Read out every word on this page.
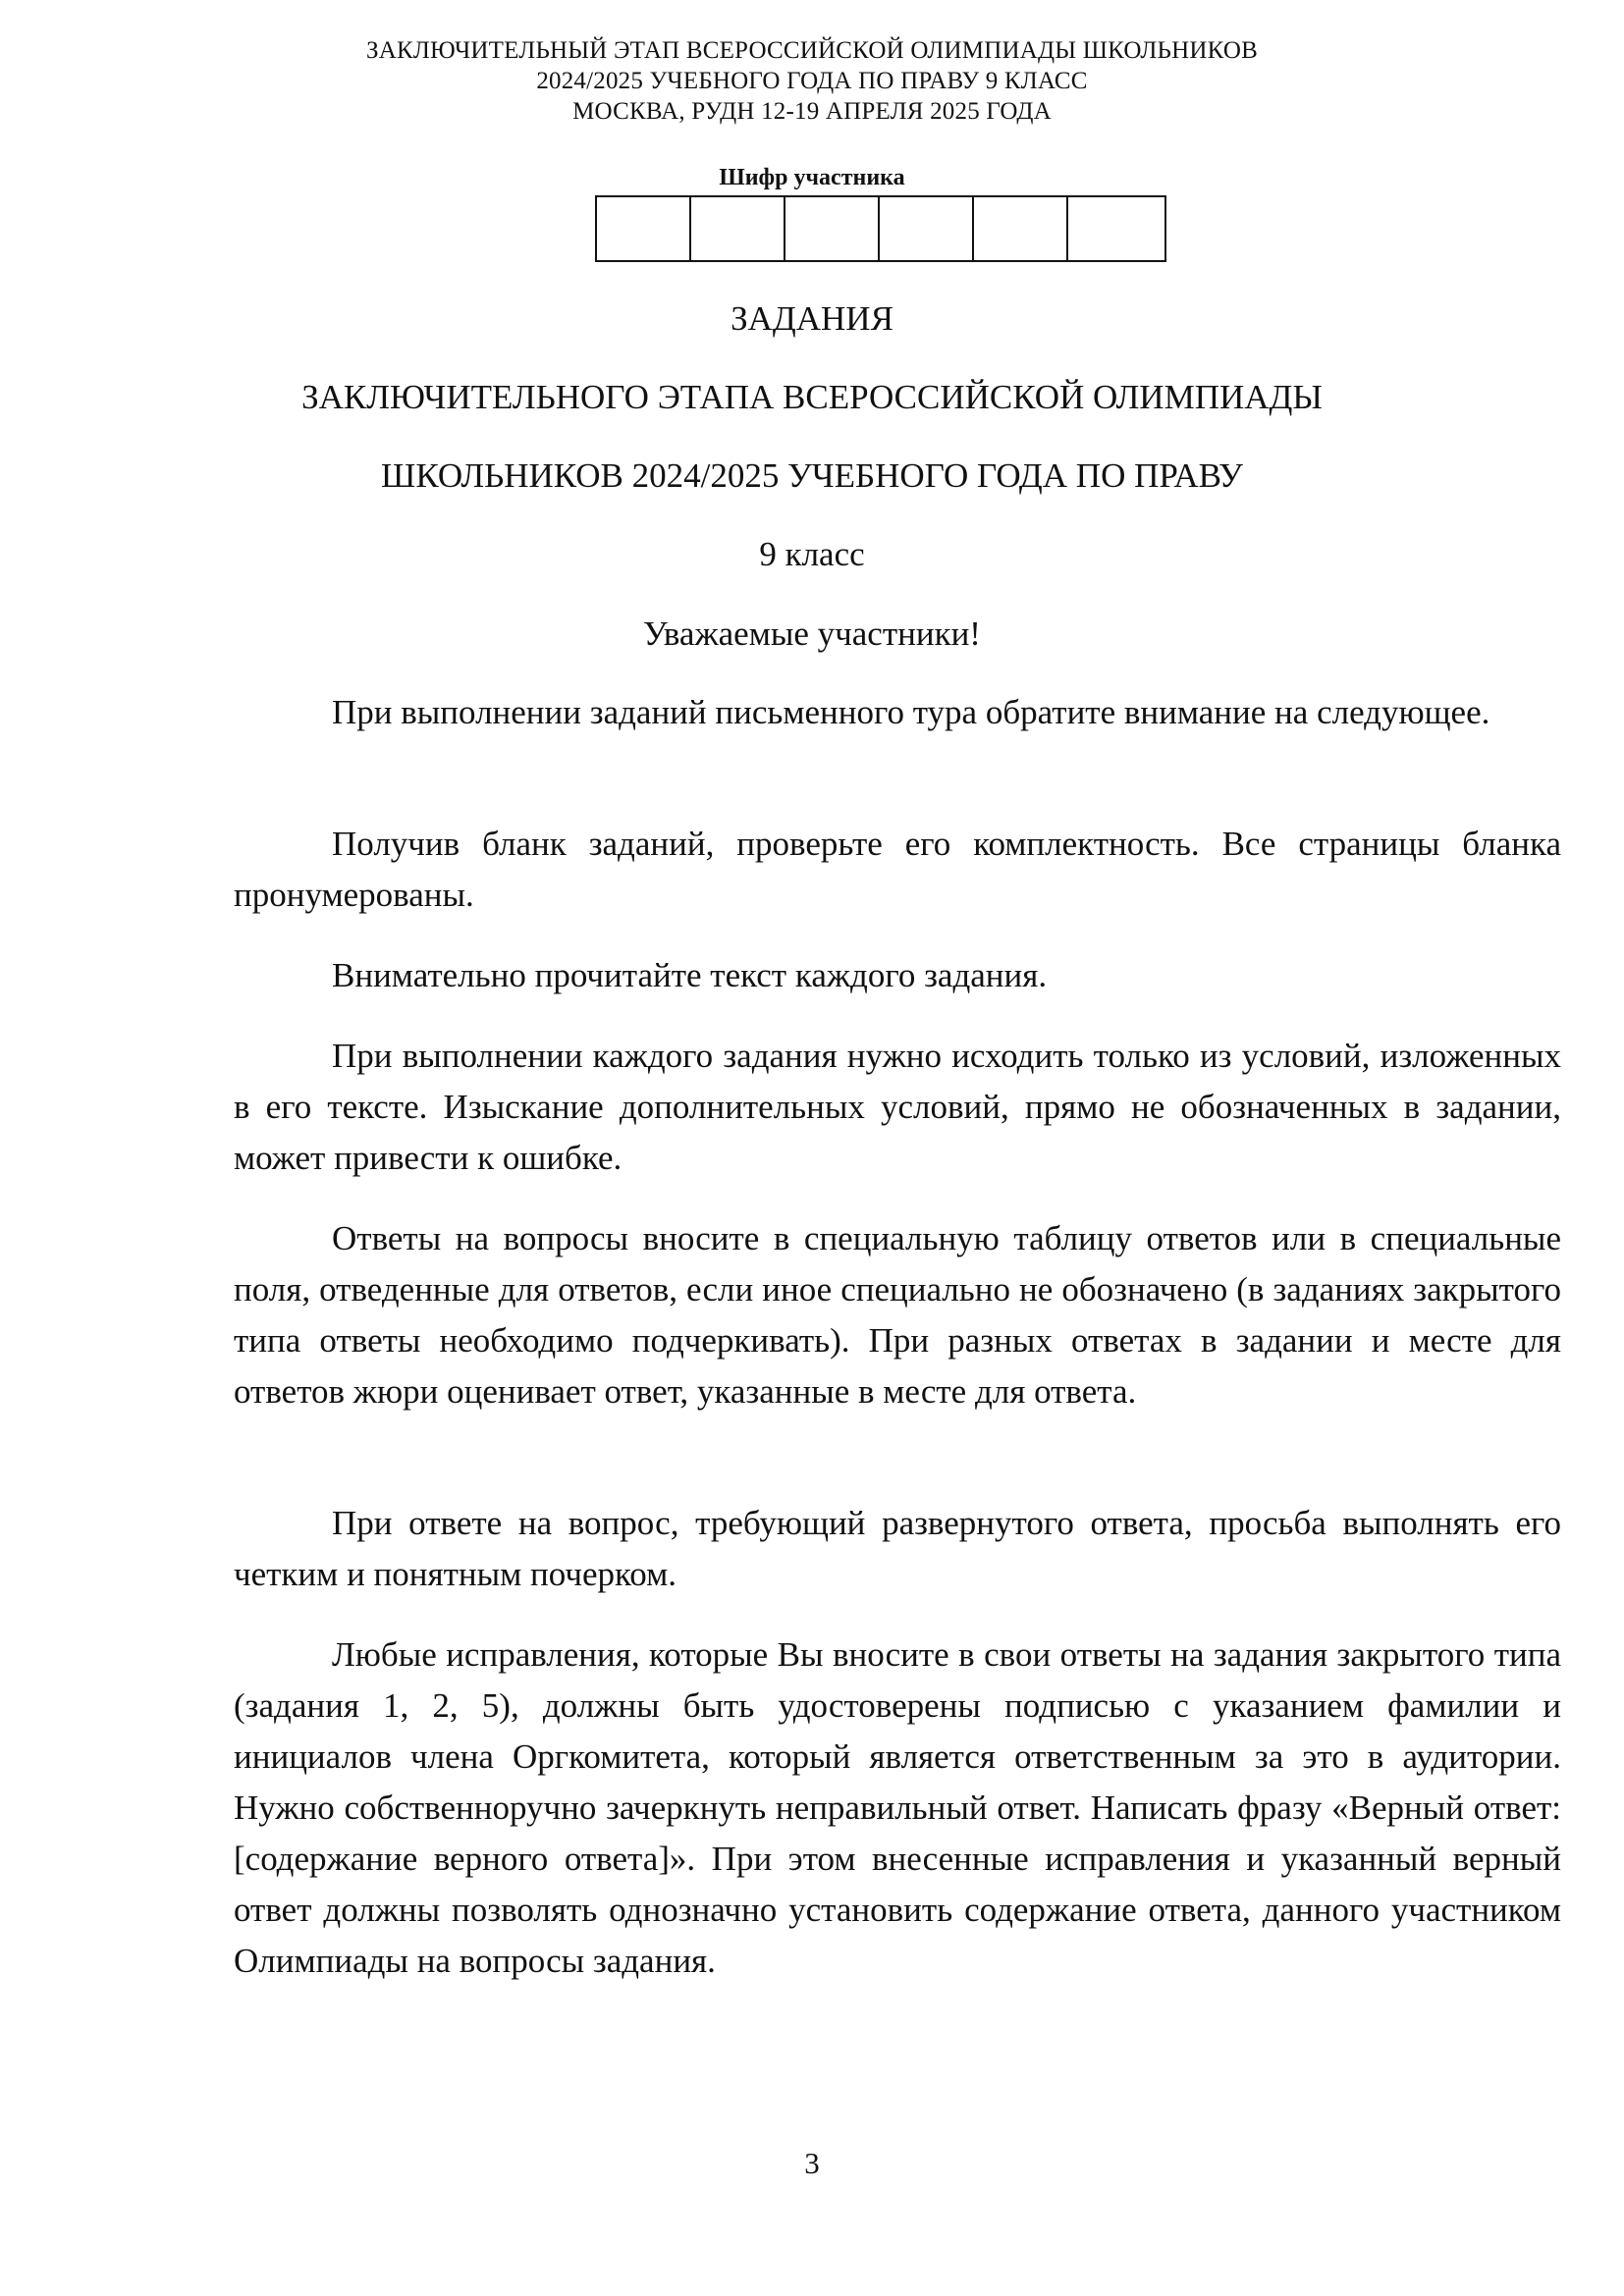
ЗАКЛЮЧИТЕЛЬНЫЙ ЭТАП ВСЕРОССИЙСКОЙ ОЛИМПИАДЫ ШКОЛЬНИКОВ
2024/2025 УЧЕБНОГО ГОДА ПО ПРАВУ 9 КЛАСС
МОСКВА, РУДН 12-19 АПРЕЛЯ 2025 ГОДА
Шифр участника
ЗАДАНИЯ
ЗАКЛЮЧИТЕЛЬНОГО ЭТАПА ВСЕРОССИЙСКОЙ ОЛИМПИАДЫ
ШКОЛЬНИКОВ 2024/2025 УЧЕБНОГО ГОДА ПО ПРАВУ
9 класс
Уважаемые участники!

При выполнении заданий письменного тура обратите внимание на следующее.

Получив бланк заданий, проверьте его комплектность. Все страницы бланка пронумерованы.

Внимательно прочитайте текст каждого задания.

При выполнении каждого задания нужно исходить только из условий, изложенных в его тексте. Изыскание дополнительных условий, прямо не обозначенных в задании, может привести к ошибке.

Ответы на вопросы вносите в специальную таблицу ответов или в специальные поля, отведенные для ответов, если иное специально не обозначено (в заданиях закрытого типа ответы необходимо подчеркивать). При разных ответах в задании и месте для ответов жюри оценивает ответ, указанные в месте для ответа.

При ответе на вопрос, требующий развернутого ответа, просьба выполнять его четким и понятным почерком.

Любые исправления, которые Вы вносите в свои ответы на задания закрытого типа (задания 1, 2, 5), должны быть удостоверены подписью с указанием фамилии и инициалов члена Оргкомитета, который является ответственным за это в аудитории. Нужно собственноручно зачеркнуть неправильный ответ. Написать фразу «Верный ответ: [содержание верного ответа]». При этом внесенные исправления и указанный верный ответ должны позволять однозначно установить содержание ответа, данного участником Олимпиады на вопросы задания.

3
